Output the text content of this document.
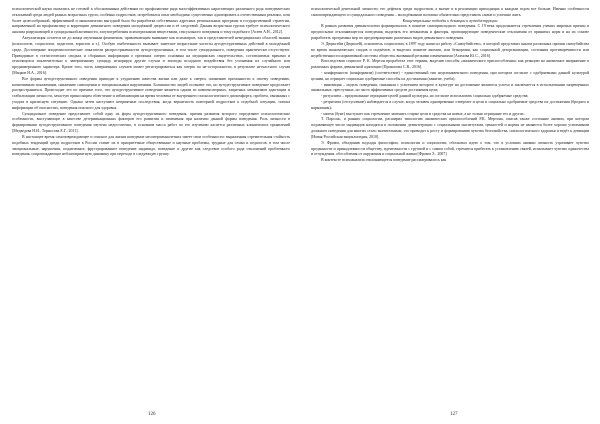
психологической науки оказались не готовой к обоснованным действиям по профилактике ряда малоэффективных нарастающих различного рода поведенческих отклонений среди людей разных возрастных групп, особенно подростков; потребовался опыт необходимо существенно адаптировать к отечественным реалиям, хотя более целесообразной, эффективной и экономически выгодной была бы разработка собственных адресных региональных программ и государственной стратегии, направленной на профилактику и коррекцию девиантного поведения молодёжной депрессии и её следствий. Данная возрастная группа требует психологического анализа разрушающей и суицидальной активности, злоупотребления психотропными веществами, сексуального поведения и тому подобного [Асеев А.Н., 2012].

Актуализация остается не до конца изученным феноменом, привлекающим внимание как психиатров, так и представителей немедицинских областей знания (психологов, социологов, педагогов, юристов и т.). Особую озабоченность вызывает заметное возрастание частоты аутодеструктивных действий в молодёжной среде. Достоверные эпидемиологические показатели распространенности аутодеструктивных, в том числе суицидального, поведения практически отсутствуют. Приводимые в статистических сводках и сборниках информация о причинах смерти основаны на медицинских свидетельствах, составляемых врачами и относящихся исключительно к завершенному суициду, игнорируя другие случаи и эпизоды исходного воздействия без уточнения их случайного или преднамеренного характера. Кроме того, часть завершенных случаев может регистрироваться как смерть по не-осторожности, в результате несчастного случая [Мацков Н.А., 2016].

Все формы аутодеструктивного поведения приводят к ухудшению качества жизни или даже к смерти, снижению причинности к своему поведению, когнитивным искажениям, снижению самооценки и эмоциональным нарушениям. Большинство людей осознают это, но аутодеструктивное поведение продолжает распространяться. Происходит это по причине того, что аутодеструктивное поведение является одним из компенсаторных, защитных механизмов адаптации и стабилизации личности, зачастую приносящим облегчение и избавляющим на время человека от внутреннего психологического дискомфорта, проблем, связанных с уходом в кризисную ситуацию. Однако затем наступают неприятные последствия, когда вероятность повторной подростков к подобной ситуации, поиска информации об опасностях, поведения опасного для здоровья.

Суицидальное поведение представляет собой одну из форм аутодеструктивного поведения, причин развития которого определяют психологические особенности, выступающие в качестве детерминационных факторов его развития и изменения при наличии данной формы поведения. Роль личности в формировании аутодеструктивного поведения изучена недостаточно, в основном масса работ по его изучению касается различных клинических проявлений [Медведева Н.И., Торносова Е.Г., 2011].

В настоящее время самоповреждающее и опасное для жизни поведение несовершеннолетних имеет свои особенности: выраженная стремительная стойкость подобных тенденций среди подростков в России ставит их в приоритетные общественные и научные проблемы, трудные для семьи и педагогов, в том числе эмоциональные, нарушения, подавленное, фрустрированное поведение индивида, поведение и другие как следствие особого рода отклонений проблемного поведения, сопровождающие неблагоприятную динамику при переходе в следующую группу.

психологической деятельной личности; его дефекты среди подростков, а значит и в реализации приходящих к каждым годом все больше. Именно особенности самоповреждающего и суицидального поведения – молодёжными поэтапно обязательно представить самые и успешно жить.

Концептуальные подходы к девиации и аутодеструкции

В рамках развития девиантологии формировалось в понятие самоприкладного поведения. С 19 века продолжаются стремления ученых мировых причин и предпосылки отклоняющегося поведения, выделять его механизмы и факторы, провоцирующие поведенческие отклонения от принятых норм и на их основе разработать программы мер по предотвращению различных видов девиантного поведения.

Э. Дюркгейм (Дюркхей), основатель социологии, в 1897 году написал работу «Самоубийство», в которой представил анализ различных причин самоубийства во время экономических спадов и подъёмов, и выделил понятие аномии, или безнормия, как социальной дезорганизации, состояния противоречивости или недейственности нормативной системы общества, вызванной резкими изменениями [Агамова Ю.С., 2016].

Впоследствии социолог Р. К. Мертон проработал этот термин, выделив способы «аномического приспособления» как реакцию на аномичное напряжение в различных формах девиантной адаптации [Прокопова С.В., 2016].

- конформность (конформизм) (соответствие) - единственный тип неделинквентного поведения, при котором согласие с одобряемыми данной культурой целями, но отрицает социально одобряемые способы их достижения (занятие, учеба);

- инновация – модель поведения, связанная с усвоением которого в культуре на достижение являются успеха и заключается в использовании запрещенных аномальных, преступных, но часто эффективных средств достижения цели;

- ритуализм – предписанные отрицание целей данной культуры, но согласие использовать социально одобряемые средства;

- ретритизм (отступление) наблюдается в случае, когда человек одновременно отвергает и цели и социально одобряемые средства их достижения (бродяги и наркоманы);

- мятеж (бунт) выступает как стремление заменить старые цели и средства на новые, а не только отрицание тех и других.

Т. Парсонс, и ранних социологии, расширил типологию аномических приспособлений Р.К. Мертона, описав также состояние аномии, при котором подавляющее число индивидов находятся в положении дезинтеграции с социальными институтами, ценностей и нормы не являются более хорошо усвоенными должного поведения для многих стало значительным, что приводит к росту и формированию чувства беспокойства, психологического здоровья и ведёт к девиации [Новая Российская энциклопедия, 2010].

Э. Фромм, объединив подходы философии, психологии и социологии, обосновал идею о том, что в условиях аномии личность утрачивает чувство преданности и принадлежности обществу, идентичности с группой и с самим собой, стремится прибегать к установлению связей, испытывает чувство одиночества и отчуждения, обособления от окружения и социальной жизни [Фромм Э., 2007].

В контексте психоанализа отклоняющееся поведение рассматривалось как

126	127
